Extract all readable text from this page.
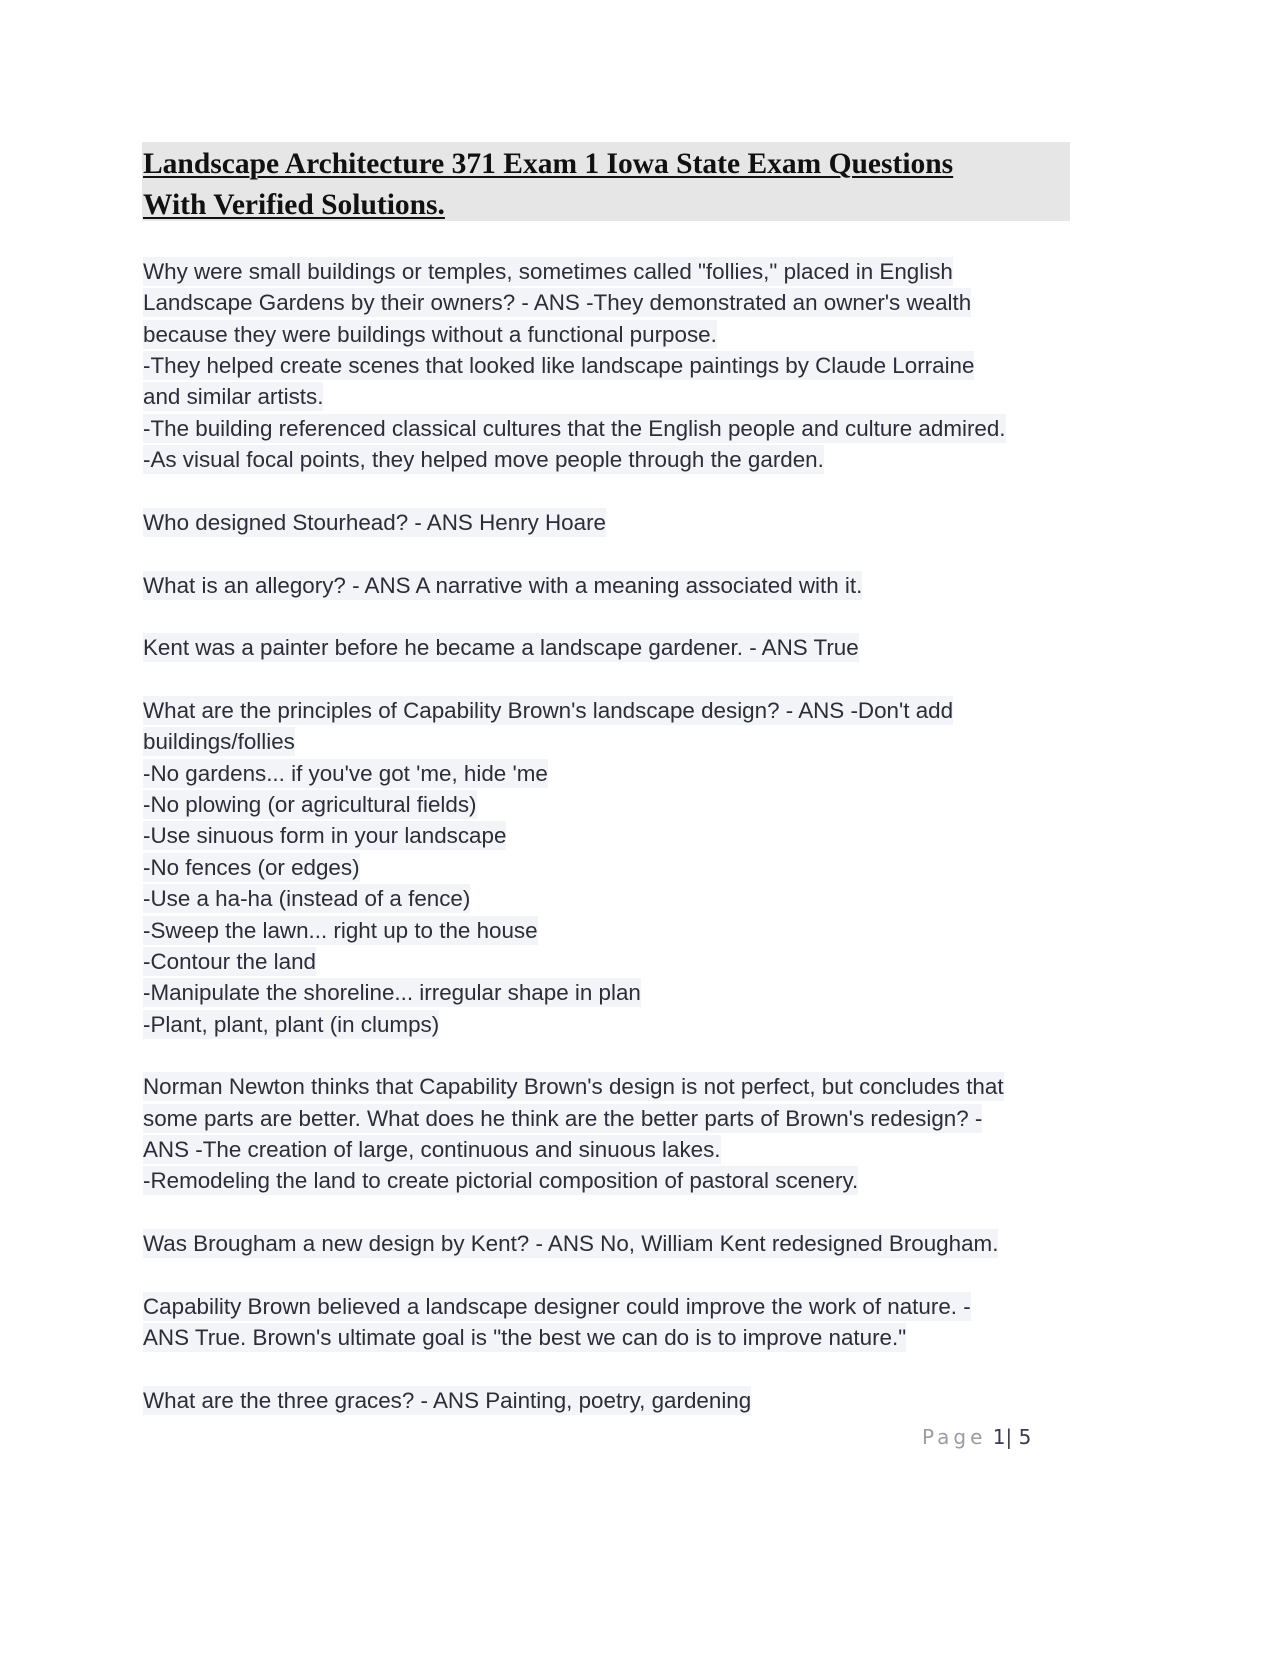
Landscape Architecture 371 Exam 1 Iowa State Exam Questions
With Verified Solutions.
Why were small buildings or temples, sometimes called "follies," placed in English
Landscape Gardens by their owners? - ANS -They demonstrated an owner's wealth
because they were buildings without a functional purpose.
-They helped create scenes that looked like landscape paintings by Claude Lorraine
and similar artists.
-The building referenced classical cultures that the English people and culture admired.
-As visual focal points, they helped move people through the garden.
Who designed Stourhead? - ANS Henry Hoare
What is an allegory? - ANS A narrative with a meaning associated with it.
Kent was a painter before he became a landscape gardener. - ANS True
What are the principles of Capability Brown's landscape design? - ANS -Don't add
buildings/follies
-No gardens... if you've got 'me, hide 'me
-No plowing (or agricultural fields)
-Use sinuous form in your landscape
-No fences (or edges)
-Use a ha-ha (instead of a fence)
-Sweep the lawn... right up to the house
-Contour the land
-Manipulate the shoreline... irregular shape in plan
-Plant, plant, plant (in clumps)
Norman Newton thinks that Capability Brown's design is not perfect, but concludes that
some parts are better. What does he think are the better parts of Brown's redesign? -
ANS -The creation of large, continuous and sinuous lakes.
-Remodeling the land to create pictorial composition of pastoral scenery.
Was Brougham a new design by Kent? - ANS No, William Kent redesigned Brougham.
Capability Brown believed a landscape designer could improve the work of nature. -
ANS True. Brown's ultimate goal is "the best we can do is to improve nature."
What are the three graces? - ANS Painting, poetry, gardening
Page 1| 5
